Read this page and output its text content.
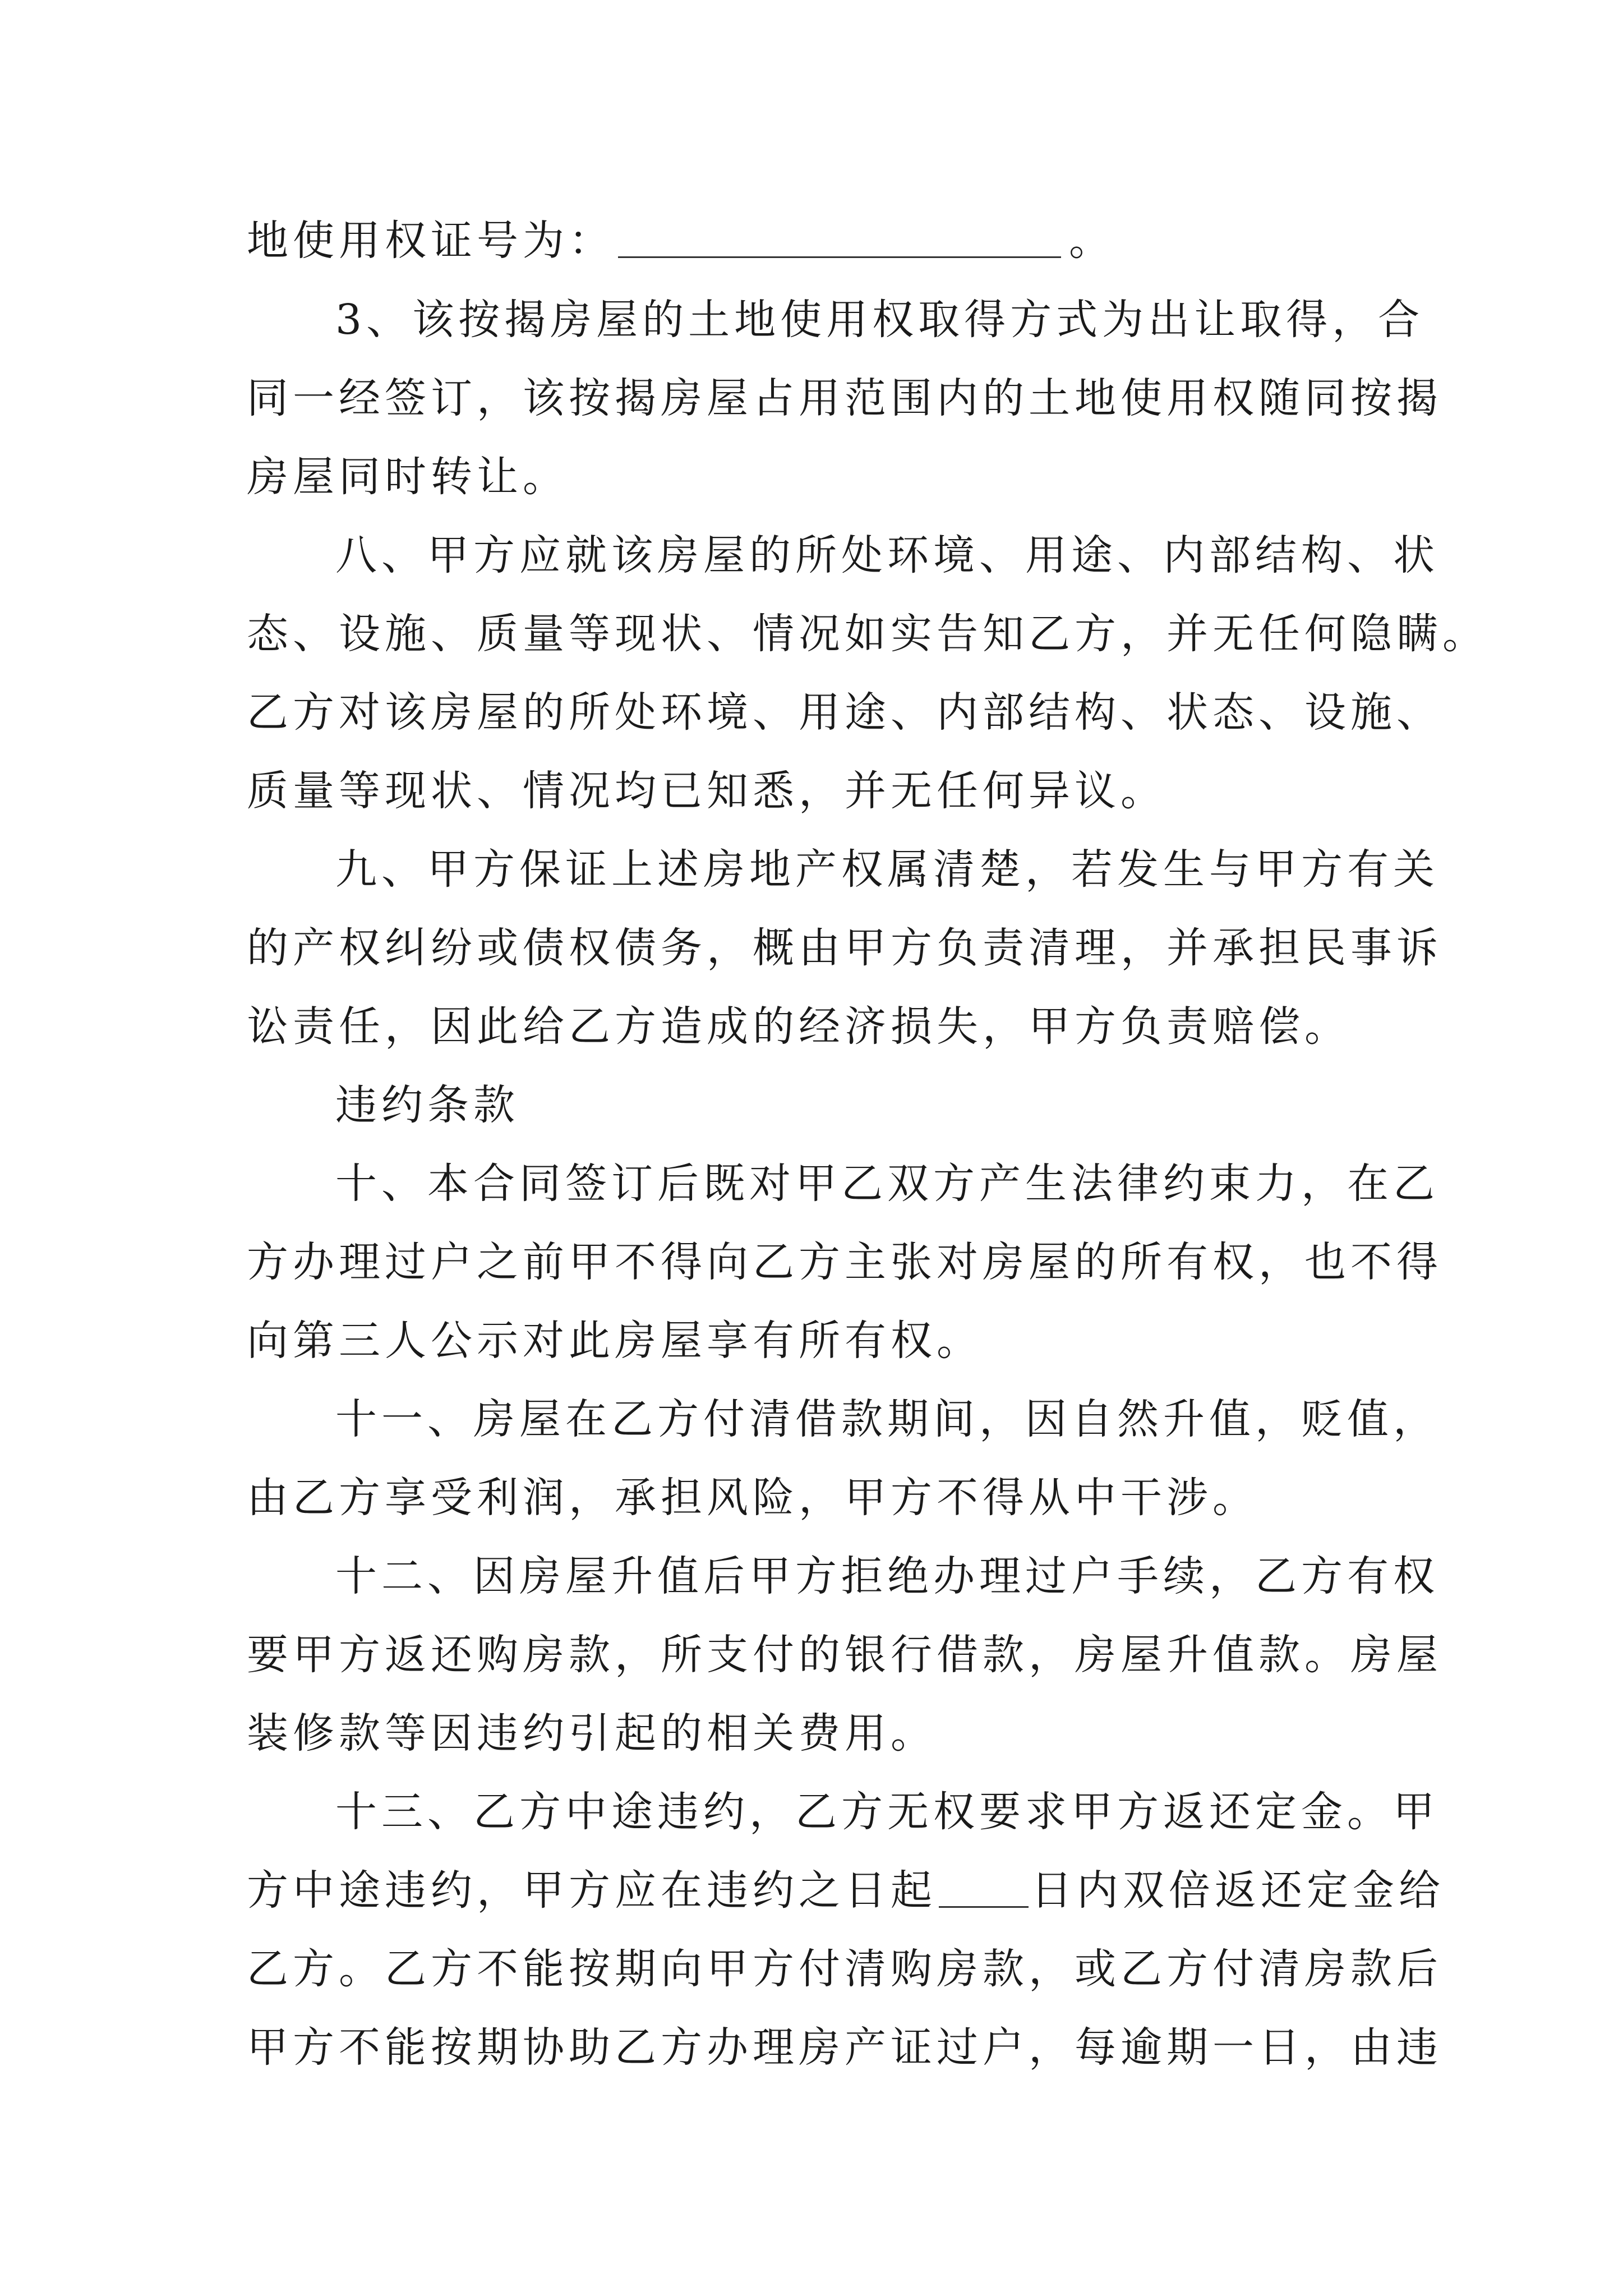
地使用权证号为：	。
3、该按揭房屋的土地使用权取得方式为出让取得，合
同一经签订，该按揭房屋占用范围内的土地使用权随同按揭
房屋同时转让。
八、甲方应就该房屋的所处环境、用途、内部结构、状
态、设施、质量等现状、情况如实告知乙方，并无任何隐瞒。
乙方对该房屋的所处环境、用途、内部结构、状态、设施、
质量等现状、情况均已知悉，并无任何异议。
九、甲方保证上述房地产权属清楚，若发生与甲方有关
的产权纠纷或债权债务，概由甲方负责清理，并承担民事诉
讼责任，因此给乙方造成的经济损失，甲方负责赔偿。
违约条款
十、本合同签订后既对甲乙双方产生法律约束力，在乙
方办理过户之前甲不得向乙方主张对房屋的所有权，也不得
向第三人公示对此房屋享有所有权。
十一、房屋在乙方付清借款期间，因自然升值，贬值，
由乙方享受利润，承担风险，甲方不得从中干涉。
十二、因房屋升值后甲方拒绝办理过户手续，乙方有权
要甲方返还购房款，所支付的银行借款，房屋升值款。房屋
装修款等因违约引起的相关费用。
十三、乙方中途违约，乙方无权要求甲方返还定金。甲
方中途违约，甲方应在违约之日起 日内双倍返还定金给
乙方。乙方不能按期向甲方付清购房款，或乙方付清房款后
甲方不能按期协助乙方办理房产证过户，每逾期一日，由违
